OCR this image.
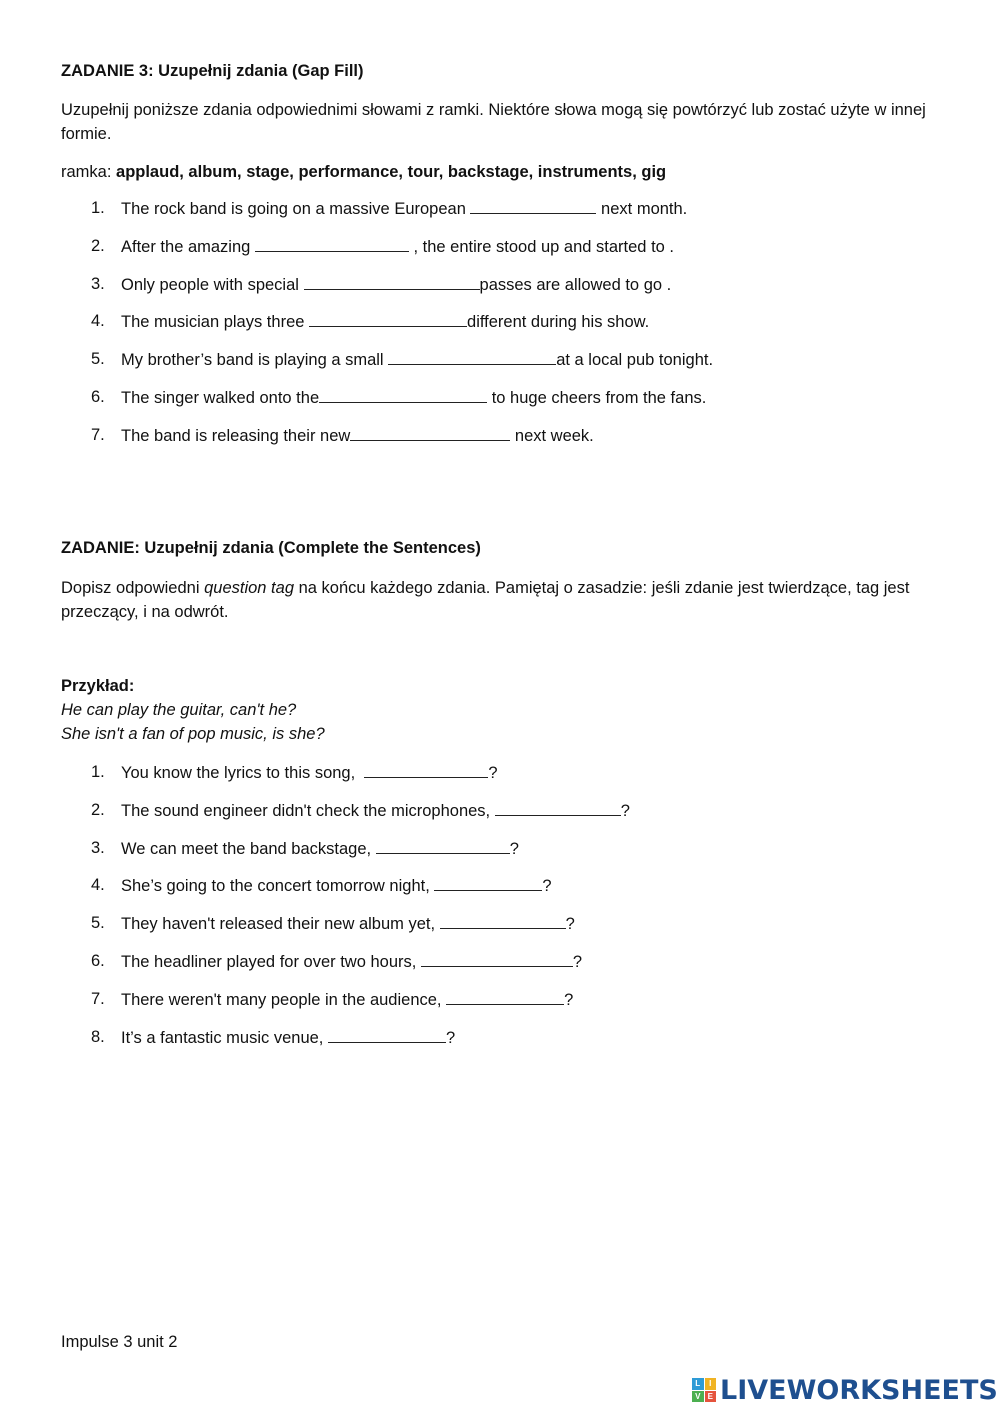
ZADANIE 3: Uzupełnij zdania (Gap Fill)
Uzupełnij poniższe zdania odpowiednimi słowami z ramki. Niektóre słowa mogą się powtórzyć lub zostać użyte w innej formie.
ramka: applaud, album, stage, performance, tour, backstage, instruments, gig
1. The rock band is going on a massive European	next month.
2. After the amazing	, the entire stood up and started to .
3. Only people with special	passes are allowed to go .
4. The musician plays three	different during his show.
5. My brother’s band is playing a small	at a local pub tonight.
6. The singer walked onto the	to huge cheers from the fans.
7. The band is releasing their new	next week.
ZADANIE: Uzupełnij zdania (Complete the Sentences)
Dopisz odpowiedni question tag na końcu każdego zdania. Pamiętaj o zasadzie: jeśli zdanie jest twierdzące, tag jest przeczący, i na odwrót.
Przykład:
He can play the guitar, can't he?
She isn't a fan of pop music, is she?
1. You know the lyrics to this song,	?
2. The sound engineer didn't check the microphones,	?
3. We can meet the band backstage,	?
4. She’s going to the concert tomorrow night,	?
5. They haven't released their new album yet,	?
6. The headliner played for over two hours,	?
7. There weren't many people in the audience,	?
8. It’s a fantastic music venue,	?
Impulse 3 unit 2
L	I
V E LIVEWORKSHEETS
